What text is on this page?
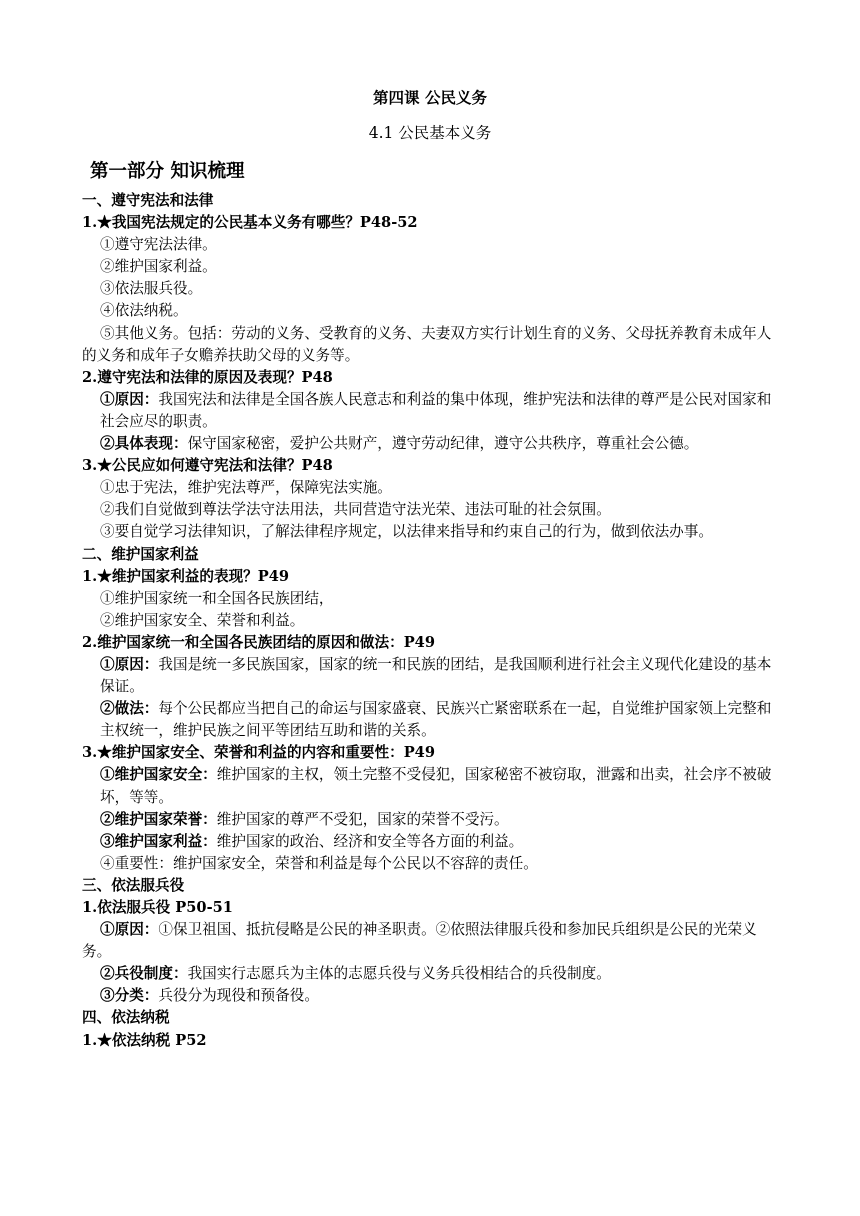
第四课 公民义务
4.1 公民基本义务
第一部分 知识梳理
一、遵守宪法和法律
1.★我国宪法规定的公民基本义务有哪些？P48-52
①遵守宪法法律。
②维护国家利益。
③依法服兵役。
④依法纳税。
⑤其他义务。包括：劳动的义务、受教育的义务、夫妻双方实行计划生育的义务、父母抚养教育未成年人的义务和成年子女赡养扶助父母的义务等。
2.遵守宪法和法律的原因及表现？P48
①原因：我国宪法和法律是全国各族人民意志和利益的集中体现，维护宪法和法律的尊严是公民对国家和社会应尽的职责。
②具体表现：保守国家秘密，爱护公共财产，遵守劳动纪律，遵守公共秩序，尊重社会公德。
3.★公民应如何遵守宪法和法律？P48
①忠于宪法，维护宪法尊严，保障宪法实施。
②我们自觉做到尊法学法守法用法，共同营造守法光荣、违法可耻的社会氛围。
③要自觉学习法律知识，了解法律程序规定，以法律来指导和约束自己的行为，做到依法办事。
二、维护国家利益
1.★维护国家利益的表现？P49
①维护国家统一和全国各民族团结，
②维护国家安全、荣誉和利益。
2.维护国家统一和全国各民族团结的原因和做法：P49
①原因：我国是统一多民族国家，国家的统一和民族的团结，是我国顺利进行社会主义现代化建设的基本保证。
②做法：每个公民都应当把自己的命运与国家盛衰、民族兴亡紧密联系在一起，自觉维护国家领上完整和主权统一，维护民族之间平等团结互助和谐的关系。
3.★维护国家安全、荣誉和利益的内容和重要性：P49
①维护国家安全：维护国家的主权，领土完整不受侵犯，国家秘密不被窃取，泄露和出卖，社会序不被破坏，等等。
②维护国家荣誉：维护国家的尊严不受犯，国家的荣誉不受污。
③维护国家利益：维护国家的政治、经济和安全等各方面的利益。
④重要性：维护国家安全，荣誉和利益是每个公民以不容辞的责任。
三、依法服兵役
1.依法服兵役 P50-51
①原因：①保卫祖国、抵抗侵略是公民的神圣职责。②依照法律服兵役和参加民兵组织是公民的光荣义务。
②兵役制度：我国实行志愿兵为主体的志愿兵役与义务兵役相结合的兵役制度。
③分类：兵役分为现役和预备役。
四、依法纳税
1.★依法纳税 P52
